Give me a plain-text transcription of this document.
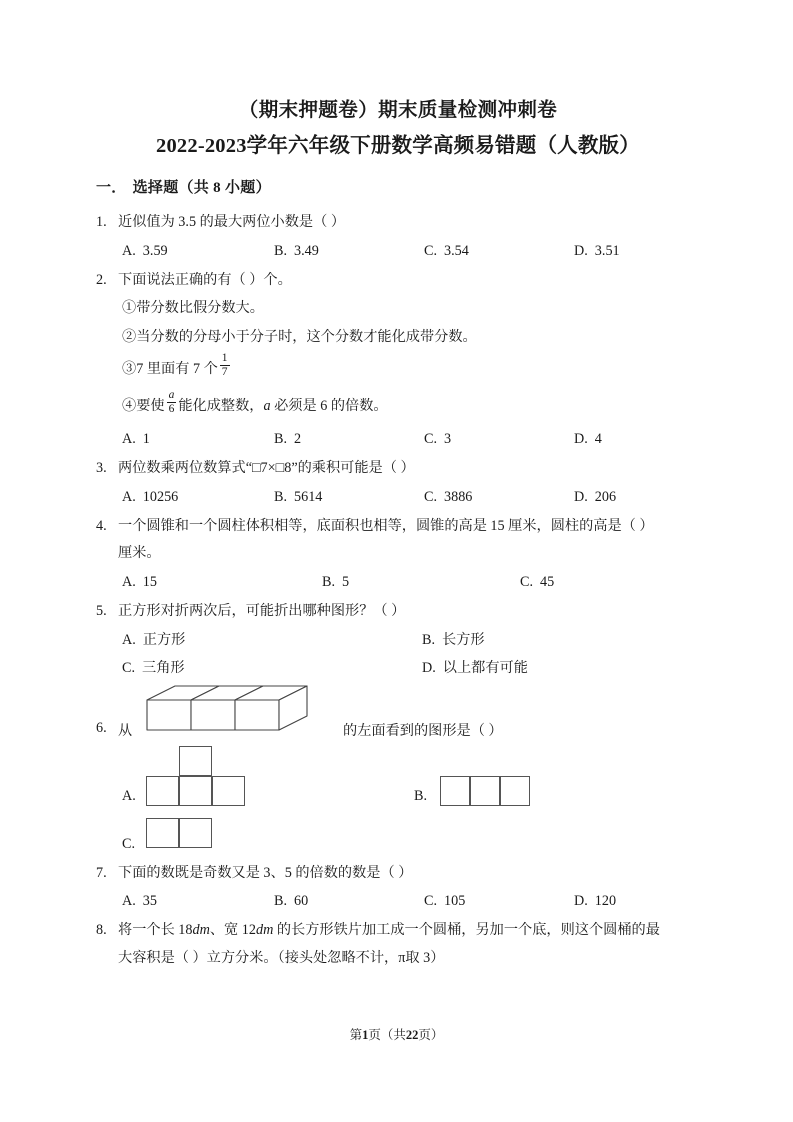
（期末押题卷）期末质量检测冲刺卷
2022-2023学年六年级下册数学高频易错题（人教版）
一． 选择题（共 8 小题）
1. 近似值为 3.5 的最大两位小数是（ ）
A. 3.59	B. 3.49	C. 3.54	D. 3.51
2. 下面说法正确的有（ ）个。
①带分数比假分数大。
②当分数的分母小于分子时，这个分数才能化成带分数。
③7 里面有 7 个 $\frac{1}{7}$
④要使 $\frac{a}{6}$ 能化成整数，a 必须是 6 的倍数。
A. 1	B. 2	C. 3	D. 4
3. 两位数乘两位数算式“□7×□8”的乘积可能是（ ）
A. 10256	B. 5614	C. 3886	D. 206
4. 一个圆锥和一个圆柱体积相等，底面积也相等，圆锥的高是 15 厘米，圆柱的高是（ ）
厘米。
A. 15	B. 5	C. 45
5. 正方形对折两次后，可能折出哪种图形？（ ）
A. 正方形	B. 长方形
C. 三角形	D. 以上都有可能
6. 从	的左面看到的图形是（ ）
A.	B.
C.
7. 下面的数既是奇数又是 3、5 的倍数的数是（ ）
A. 35	B. 60	C. 105	D. 120
8. 将一个长 18dm、宽 12dm 的长方形铁片加工成一个圆桶，另加一个底，则这个圆桶的最
大容积是（ ）立方分米。（接头处忽略不计，π取 3）
第1页（共22页）
